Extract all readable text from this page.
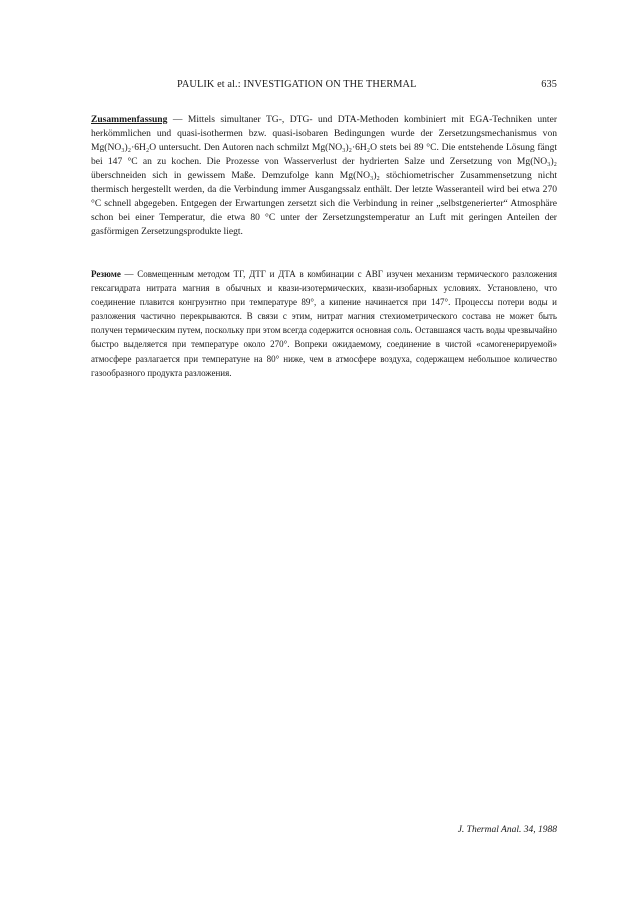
PAULIK et al.: INVESTIGATION ON THE THERMAL	635

Zusammenfassung — Mittels simultaner TG-, DTG- und DTA-Methoden kombiniert mit EGA-Techniken unter herkömmlichen und quasi-isothermen bzw. quasi-isobaren Bedingungen wurde der Zersetzungsmechanismus von Mg(NO₃)₂·6H₂O untersucht. Den Autoren nach schmilzt Mg(NO₃)₂·6H₂O stets bei 89 °C. Die entstehende Lösung fängt bei 147 °C an zu kochen. Die Prozesse von Wasserverlust der hydrierten Salze und Zersetzung von Mg(NO₃)₂ überschneiden sich in gewissem Maße. Demzufolge kann Mg(NO₃)₂ stöchiometrischer Zusammensetzung nicht thermisch hergestellt werden, da die Verbindung immer Ausgangssalz enthält. Der letzte Wasseranteil wird bei etwa 270 °C schnell abgegeben. Entgegen der Erwartungen zersetzt sich die Verbindung in reiner „selbstgenerierter“ Atmosphäre schon bei einer Temperatur, die etwa 80 °C unter der Zersetzungstemperatur an Luft mit geringen Anteilen der gasförmigen Zersetzungsprodukte liegt.

Резюме — Совмещенным методом ТГ, ДТГ и ДТА в комбинации с АВГ изучен механизм термического разложения гексагидрата нитрата магния в обычных и квази-изотермических, квази-изобарных условиях. Установлено, что соединение плавится конгруэнтно при температуре 89°, а кипение начинается при 147°. Процессы потери воды и разложения частично перекрываются. В связи с этим, нитрат магния стехиометрического состава не может быть получен термическим путем, поскольку при этом всегда содержится основная соль. Оставшаяся часть воды чрезвычайно быстро выделяется при температуре около 270°. Вопреки ожидаемому, соединение в чистой «самогенерируемой» атмосфере разлагается при температуне на 80° ниже, чем в атмосфере воздуха, содержащем небольшое количество газообразного продукта разложения.

J. Thermal Anal. 34, 1988
